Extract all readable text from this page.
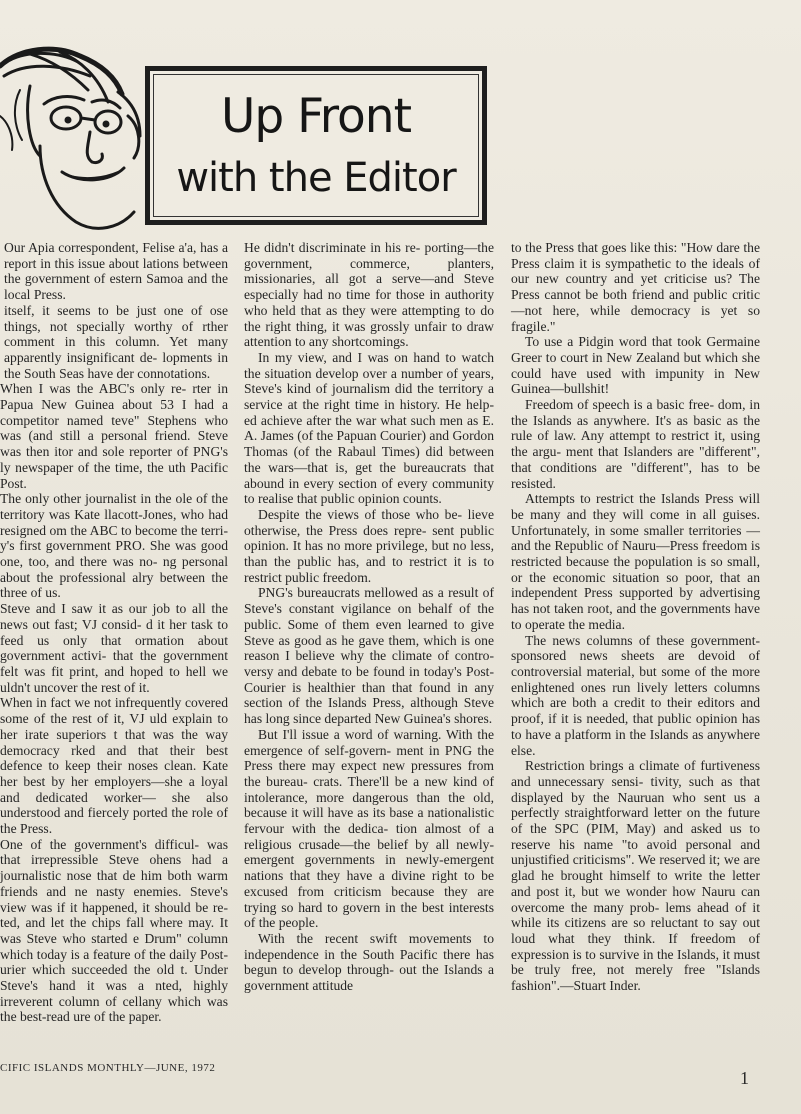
Up Front
with the Editor

Our Apia correspondent, Felise a'a, has a report in this issue about lations between the government of estern Samoa and the local Press.

itself, it seems to be just one of ose things, not specially worthy of rther comment in this column. Yet many apparently insignificant de- lopments in the South Seas have der connotations.

When I was the ABC's only re- rter in Papua New Guinea about 53 I had a competitor named teve" Stephens who was (and still a personal friend. Steve was then itor and sole reporter of PNG's ly newspaper of the time, the uth Pacific Post.

The only other journalist in the ole of the territory was Kate llacott-Jones, who had resigned om the ABC to become the terri- y's first government PRO. She was good one, too, and there was no- ng personal about the professional alry between the three of us.

Steve and I saw it as our job to all the news out fast; VJ consid- d it her task to feed us only that ormation about government activi- that the government felt was fit print, and hoped to hell we uldn't uncover the rest of it.

When in fact we not infrequently covered some of the rest of it, VJ uld explain to her irate superiors t that was the way democracy rked and that their best defence to keep their noses clean. Kate her best by her employers—she a loyal and dedicated worker— she also understood and fiercely ported the role of the Press.

One of the government's difficul- was that irrepressible Steve ohens had a journalistic nose that de him both warm friends and ne nasty enemies. Steve's view was if it happened, it should be re- ted, and let the chips fall where may. It was Steve who started e Drum" column which today is a feature of the daily Post- urier which succeeded the old t. Under Steve's hand it was a nted, highly irreverent column of cellany which was the best-read ure of the paper.

He didn't discriminate in his re- porting—the government, commerce, planters, missionaries, all got a serve—and Steve especially had no time for those in authority who held that as they were attempting to do the right thing, it was grossly unfair to draw attention to any shortcomings.

In my view, and I was on hand to watch the situation develop over a number of years, Steve's kind of journalism did the territory a service at the right time in history. He help- ed achieve after the war what such men as E. A. James (of the Papuan Courier) and Gordon Thomas (of the Rabaul Times) did between the wars—that is, get the bureaucrats that abound in every section of every community to realise that public opinion counts.

Despite the views of those who be- lieve otherwise, the Press does repre- sent public opinion. It has no more privilege, but no less, than the public has, and to restrict it is to restrict public freedom.

PNG's bureaucrats mellowed as a result of Steve's constant vigilance on behalf of the public. Some of them even learned to give Steve as good as he gave them, which is one reason I believe why the climate of contro- versy and debate to be found in today's Post-Courier is healthier than that found in any section of the Islands Press, although Steve has long since departed New Guinea's shores.

But I'll issue a word of warning. With the emergence of self-govern- ment in PNG the Press there may expect new pressures from the bureau- crats. There'll be a new kind of intolerance, more dangerous than the old, because it will have as its base a nationalistic fervour with the dedica- tion almost of a religious crusade—the belief by all newly-emergent governments in newly-emergent nations that they have a divine right to be excused from criticism because they are trying so hard to govern in the best interests of the people.

With the recent swift movements to independence in the South Pacific there has begun to develop through- out the Islands a government attitude

to the Press that goes like this: "How dare the Press claim it is sympathetic to the ideals of our new country and yet criticise us? The Press cannot be both friend and public critic—not here, while democracy is yet so fragile."

To use a Pidgin word that took Germaine Greer to court in New Zealand but which she could have used with impunity in New Guinea—bullshit!

Freedom of speech is a basic free- dom, in the Islands as anywhere. It's as basic as the rule of law. Any attempt to restrict it, using the argu- ment that Islanders are "different", that conditions are "different", has to be resisted.

Attempts to restrict the Islands Press will be many and they will come in all guises. Unfortunately, in some smaller territories — and the Republic of Nauru—Press freedom is restricted because the population is so small, or the economic situation so poor, that an independent Press supported by advertising has not taken root, and the governments have to operate the media.

The news columns of these government-sponsored news sheets are devoid of controversial material, but some of the more enlightened ones run lively letters columns which are both a credit to their editors and proof, if it is needed, that public opinion has to have a platform in the Islands as anywhere else.

Restriction brings a climate of furtiveness and unnecessary sensi- tivity, such as that displayed by the Nauruan who sent us a perfectly straightforward letter on the future of the SPC (PIM, May) and asked us to reserve his name "to avoid personal and unjustified criticisms". We reserved it; we are glad he brought himself to write the letter and post it, but we wonder how Nauru can overcome the many prob- lems ahead of it while its citizens are so reluctant to say out loud what they think. If freedom of expression is to survive in the Islands, it must be truly free, not merely free "Islands fashion".—Stuart Inder.

CIFIC ISLANDS MONTHLY—JUNE, 1972	1
